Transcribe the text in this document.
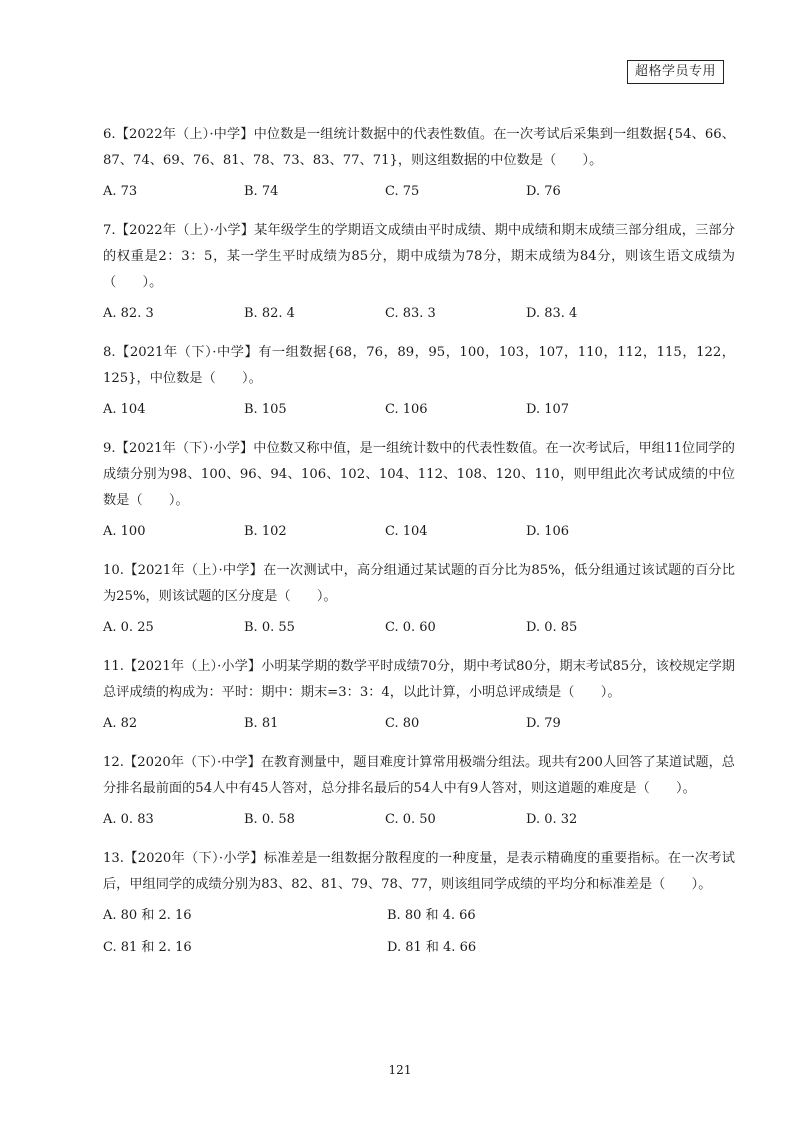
超格学员专用

6.【2022年（上）·中学】中位数是一组统计数据中的代表性数值。在一次考试后采集到一组数据{54、66、87、74、69、76、81、78、73、83、77、71}，则这组数据的中位数是（　　）。

A. 73	B. 74	C. 75	D. 76

7.【2022年（上）·小学】某年级学生的学期语文成绩由平时成绩、期中成绩和期末成绩三部分组成，三部分的权重是2：3：5，某一学生平时成绩为85分，期中成绩为78分，期末成绩为84分，则该生语文成绩为（　　）。

A. 82. 3	B. 82. 4	C. 83. 3	D. 83. 4

8.【2021年（下）·中学】有一组数据{68，76，89，95，100，103，107，110，112，115，122，125}，中位数是（　　）。

A. 104	B. 105	C. 106	D. 107

9.【2021年（下）·小学】中位数又称中值，是一组统计数中的代表性数值。在一次考试后，甲组11位同学的成绩分别为98、100、96、94、106、102、104、112、108、120、110，则甲组此次考试成绩的中位数是（　　）。

A. 100	B. 102	C. 104	D. 106

10.【2021年（上）·中学】在一次测试中，高分组通过某试题的百分比为85%，低分组通过该试题的百分比为25%，则该试题的区分度是（　　）。

A. 0. 25	B. 0. 55	C. 0. 60	D. 0. 85

11.【2021年（上）·小学】小明某学期的数学平时成绩70分，期中考试80分，期末考试85分，该校规定学期总评成绩的构成为：平时：期中：期末=3：3：4，以此计算，小明总评成绩是（　　）。

A. 82	B. 81	C. 80	D. 79

12.【2020年（下）·中学】在教育测量中，题目难度计算常用极端分组法。现共有200人回答了某道试题，总分排名最前面的54人中有45人答对，总分排名最后的54人中有9人答对，则这道题的难度是（　　）。

A. 0. 83	B. 0. 58	C. 0. 50	D. 0. 32

13.【2020年（下）·小学】标准差是一组数据分散程度的一种度量，是表示精确度的重要指标。在一次考试后，甲组同学的成绩分别为83、82、81、79、78、77，则该组同学成绩的平均分和标准差是（　　）。

A. 80 和 2. 16	B. 80 和 4. 66
C. 81 和 2. 16	D. 81 和 4. 66
121
